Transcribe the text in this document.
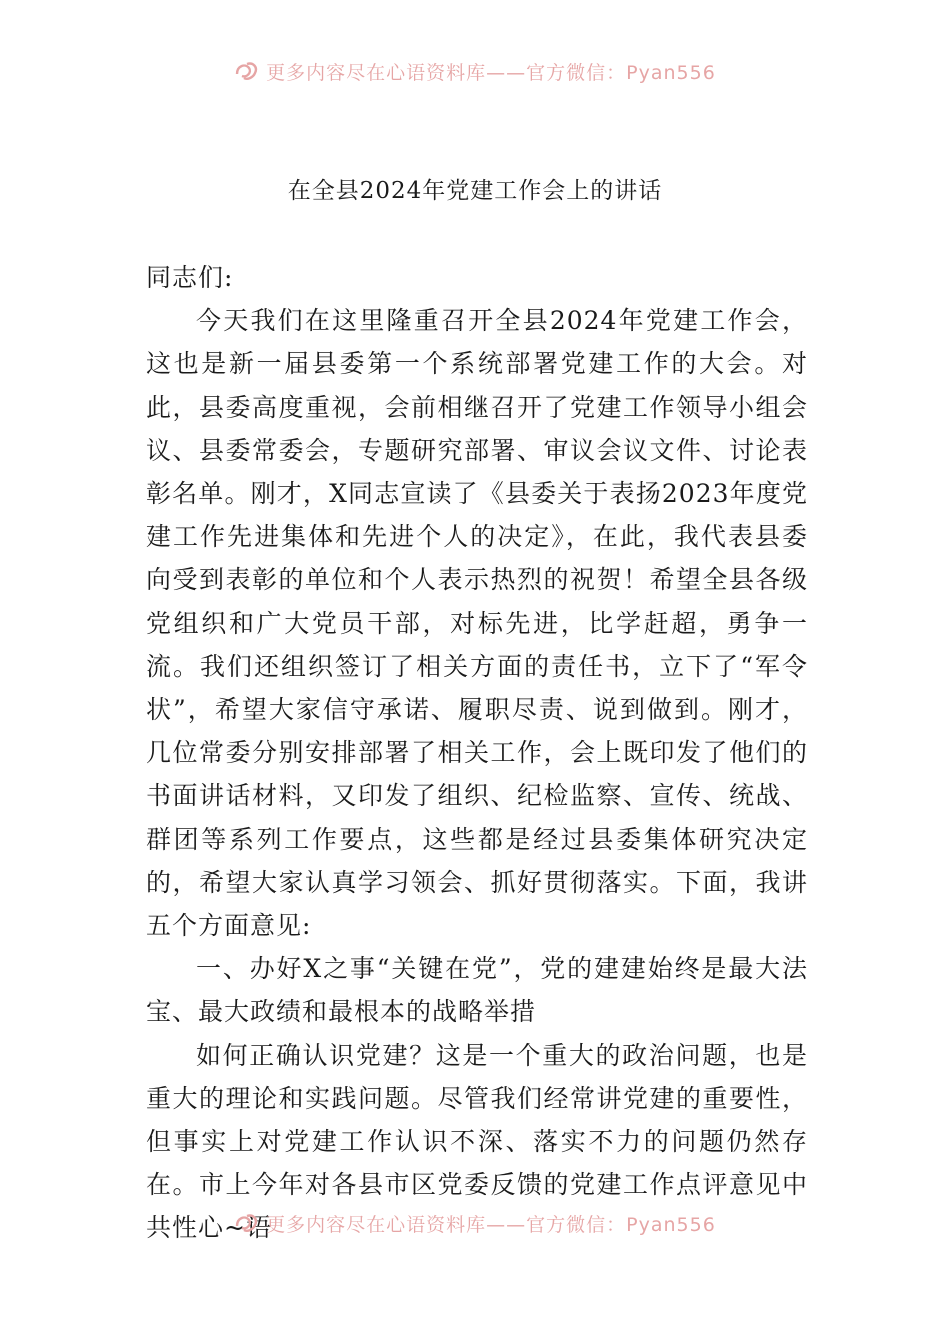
更多内容尽在心语资料库——官方微信：Pyan556
在全县2024年党建工作会上的讲话

同志们:

今天我们在这里隆重召开全县2024年党建工作会，这也是新一届县委第一个系统部署党建工作的大会。对此，县委高度重视，会前相继召开了党建工作领导小组会议、县委常委会，专题研究部署、审议会议文件、讨论表彰名单。刚才，X同志宣读了《县委关于表扬2023年度党建工作先进集体和先进个人的决定》，在此，我代表县委向受到表彰的单位和个人表示热烈的祝贺！希望全县各级党组织和广大党员干部，对标先进，比学赶超，勇争一流。我们还组织签订了相关方面的责任书，立下了“军令状”，希望大家信守承诺、履职尽责、说到做到。刚才，几位常委分别安排部署了相关工作，会上既印发了他们的书面讲话材料，又印发了组织、纪检监察、宣传、统战、群团等系列工作要点，这些都是经过县委集体研究决定的，希望大家认真学习领会、抓好贯彻落实。下面，我讲五个方面意见:

一、办好X之事“关键在党”，党的建建始终是最大法宝、最大政绩和最根本的战略举措

如何正确认识党建？这是一个重大的政治问题，也是重大的理论和实践问题。尽管我们经常讲党建的重要性，但事实上对党建工作认识不深、落实不力的问题仍然存在。市上今年对各县市区党委反馈的党建工作点评意见中共性心~语

更多内容尽在心语资料库——官方微信：Pyan556
